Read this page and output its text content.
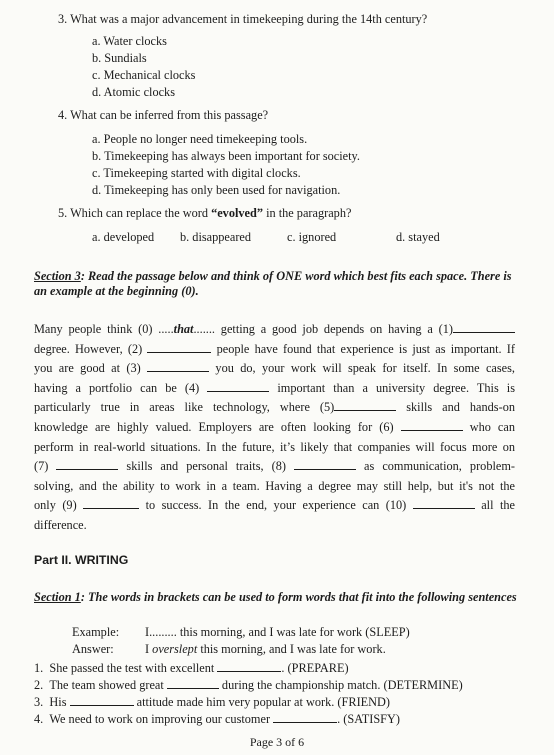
3. What was a major advancement in timekeeping during the 14th century?
a. Water clocks
b. Sundials
c. Mechanical clocks
d. Atomic clocks
4. What can be inferred from this passage?
a. People no longer need timekeeping tools.
b. Timekeeping has always been important for society.
c. Timekeeping started with digital clocks.
d. Timekeeping has only been used for navigation.
5. Which can replace the word “evolved” in the paragraph?
a. developed b. disappeared	c. ignored	d. stayed
Section 3: Read the passage below and think of ONE word which best fits each space. There is an example at the beginning (0).
Many people think (0) .....that....... getting a good job depends on having a (1)
degree. However, (2)	people have found that experience is just as important. If
you are good at (3)	you do, your work will speak for itself. In some cases,
having a portfolio can be (4)	important than a university degree. This is
particularly true in areas like technology, where (5)	skills and hands-on
knowledge are highly valued. Employers are often looking for (6)	who can
perform in real-world situations. In the future, it’s likely that companies will focus more on
(7)	skills and personal traits, (8)	as communication, problem-
solving, and the ability to work in a team. Having a degree may still help, but it's not the
only (9)	to success. In the end, your experience can (10)	all the
difference.
Part II. WRITING
Section 1: The words in brackets can be used to form words that fit into the following sentences
Example: I......... this morning, and I was late for work (SLEEP)
Answer:	I overslept this morning, and I was late for work.
1. She passed the test with excellent	. (PREPARE)
2. The team showed great	during the championship match. (DETERMINE)
3. His	attitude made him very popular at work. (FRIEND)
4. We need to work on improving our customer	. (SATISFY)
Page 3 of 6
